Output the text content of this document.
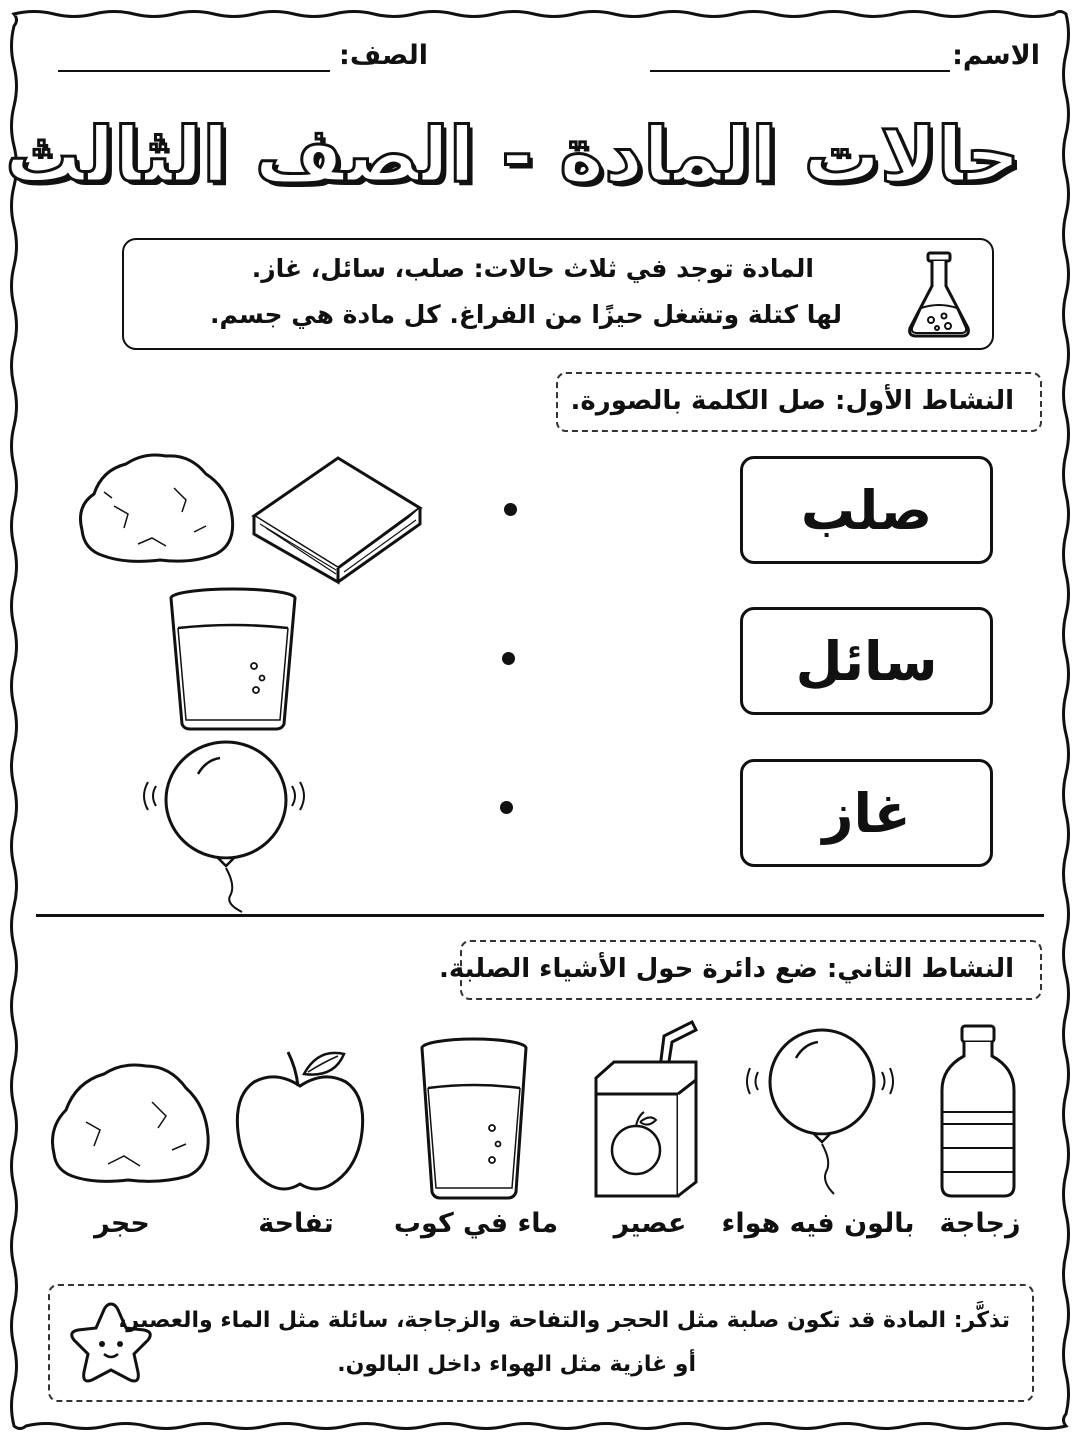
الاسم:
الصف:
حالات المادة - الصف الثالث
المادة توجد في ثلاث حالات: صلب، سائل، غاز.
لها كتلة وتشغل حيزًا من الفراغ. كل مادة هي جسم.
النشاط الأول: صل الكلمة بالصورة.
صلب
سائل
غاز
النشاط الثاني: ضع دائرة حول الأشياء الصلبة.
زجاجة
بالون فيه هواء
عصير
ماء في كوب
تفاحة
حجر
تذكَّر: المادة قد تكون صلبة مثل الحجر والتفاحة والزجاجة، سائلة مثل الماء والعصير،
أو غازية مثل الهواء داخل البالون.
